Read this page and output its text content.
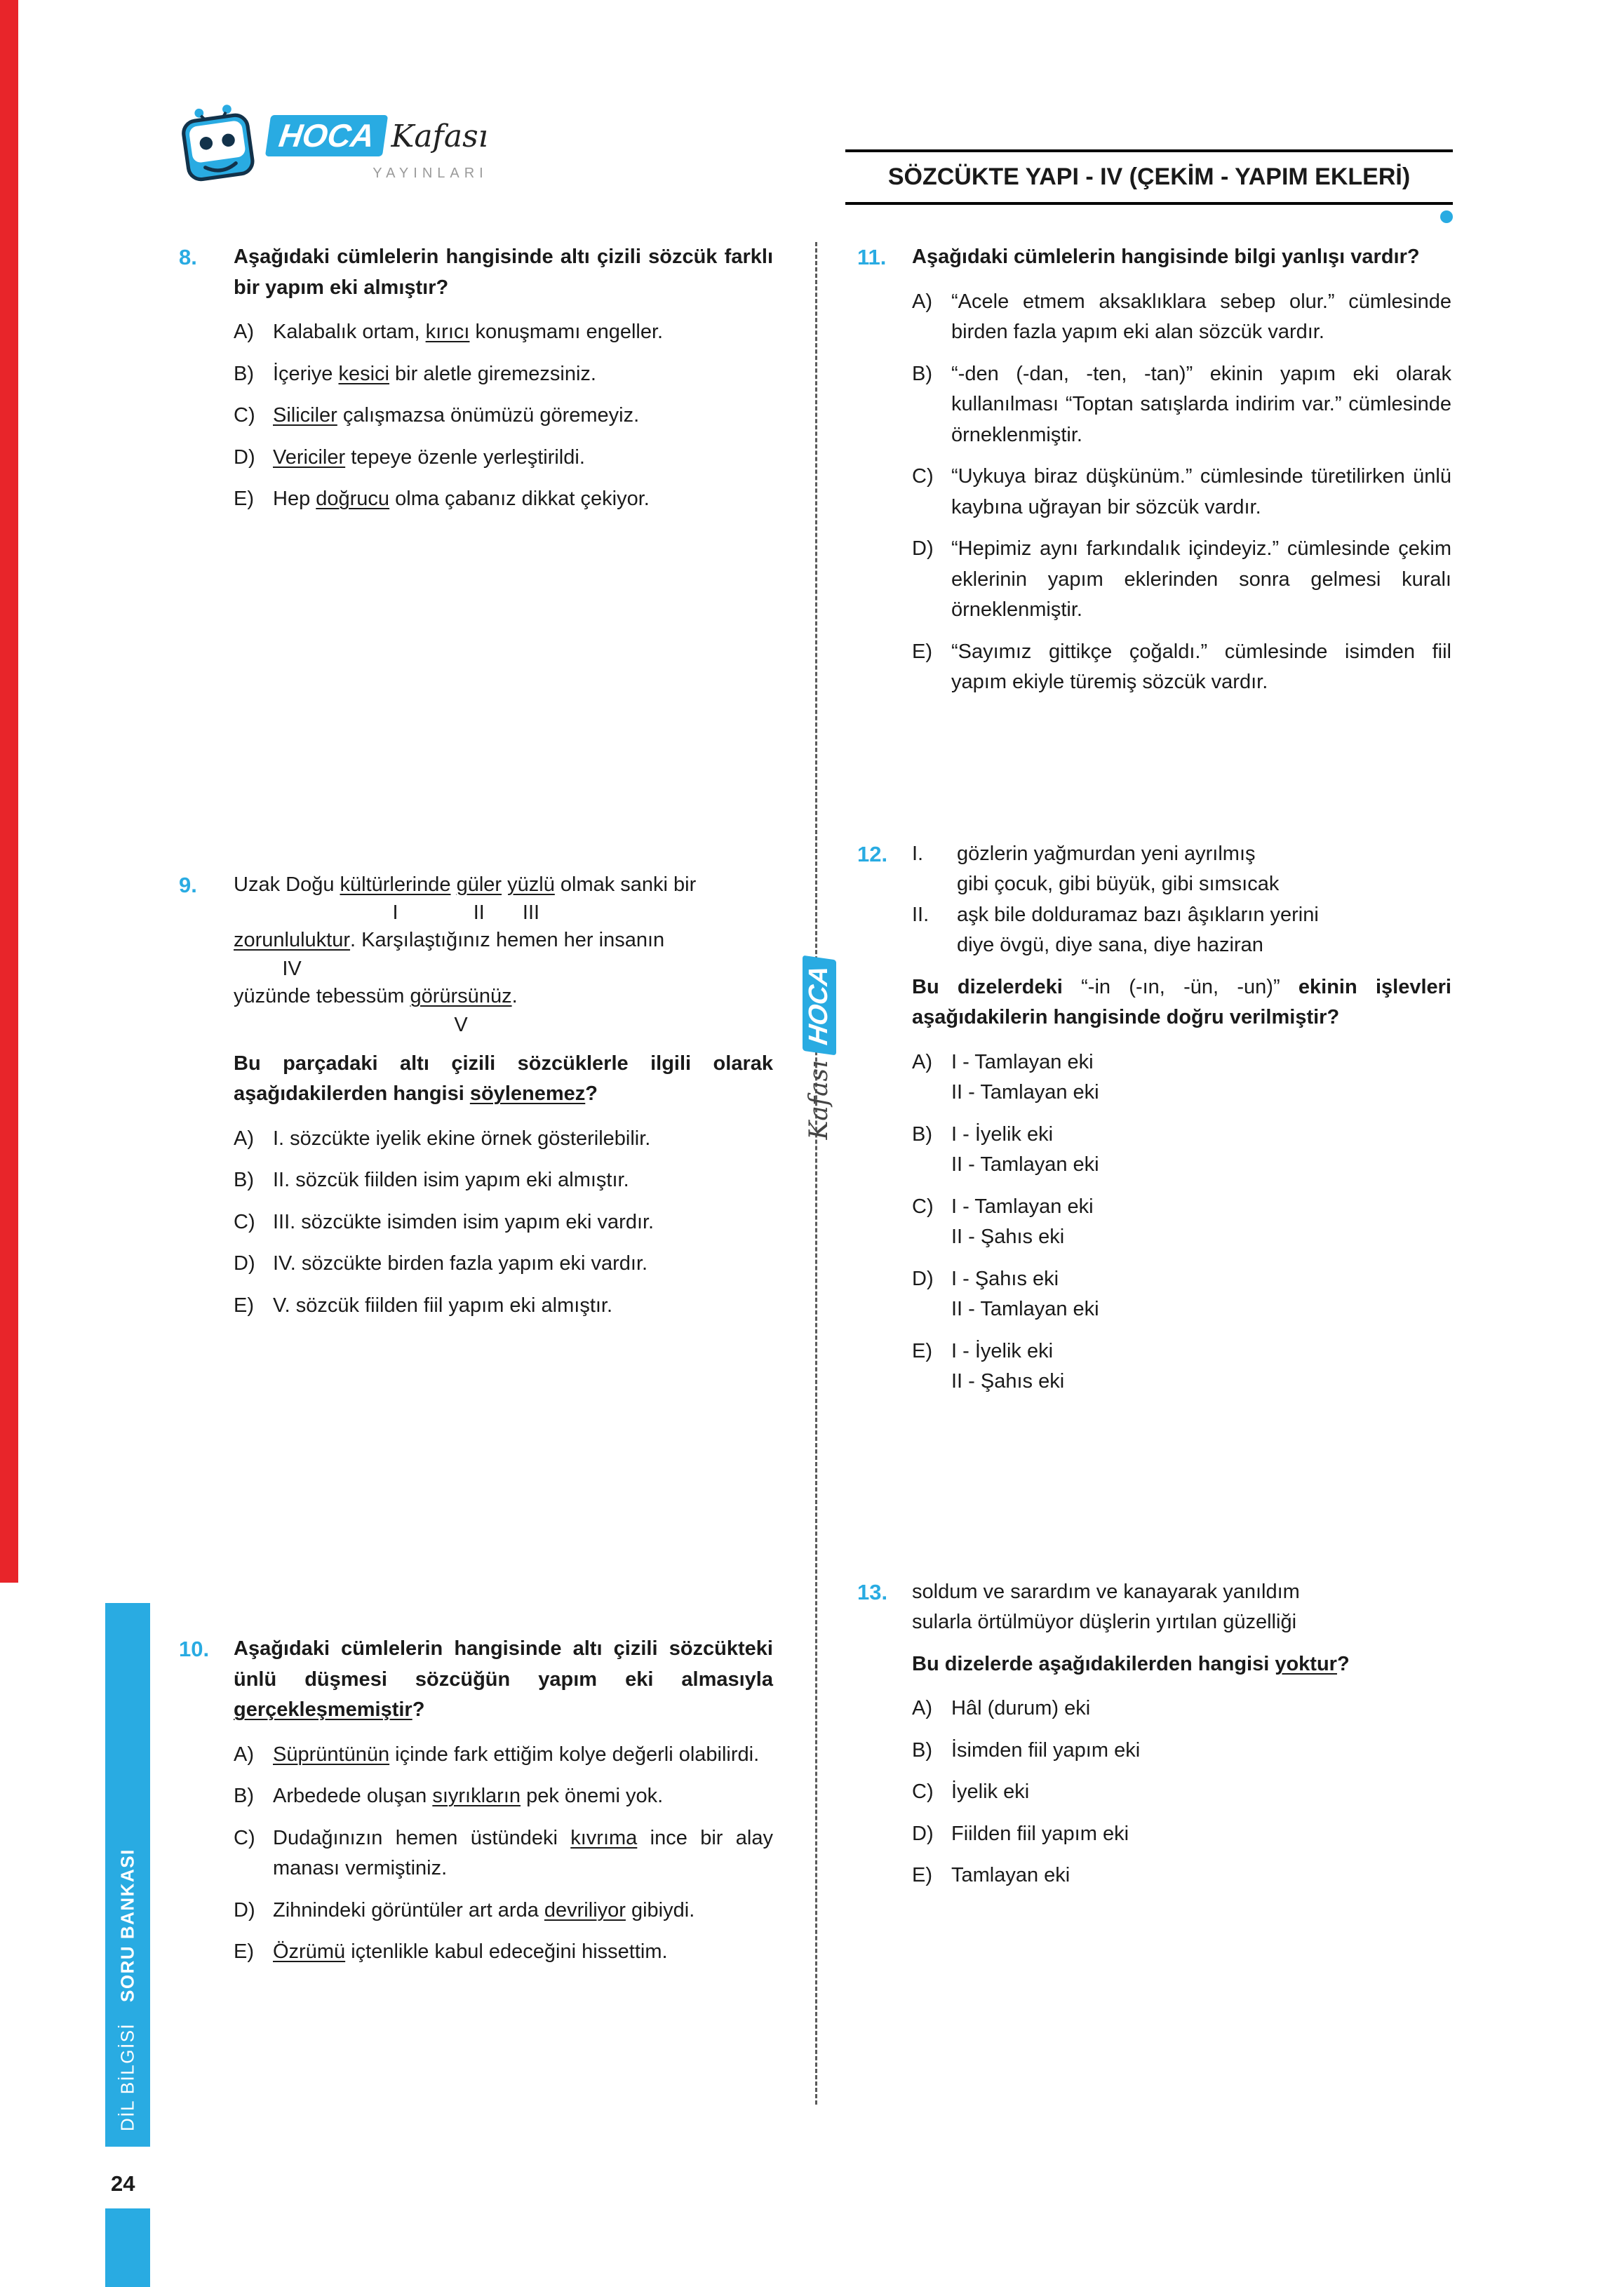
DİL BİLGİSİ
SORU BANKASI
24
HOCA Kafası
YAYINLARI	SÖZCÜKTE YAPI - IV (ÇEKİM - YAPIM EKLERİ)
Kafası
HOCA
8.	Aşağıdaki cümlelerin hangisinde altı çizili sözcük farklı bir yapım eki almıştır?
A) Kalabalık ortam, kırıcı konuşmamı engeller.
B) İçeriye kesici bir aletle giremezsiniz.
C) Siliciler çalışmazsa önümüzü göremeyiz.
D) Vericiler tepeye özenle yerleştirildi.
E) Hep doğrucu olma çabanız dikkat çekiyor.
9.	Uzak Doğu kültürlerinde
I

güler
II

yüzlü
III
olmak sanki bir
zorunluluktur
IV
. Karşılaştığınız hemen her insanın
yüzünde tebessüm görürsünüz
V
.
Bu parçadaki altı çizili sözcüklerle ilgili olarak aşağıdakilerden hangisi söylenemez?
A) I. sözcükte iyelik ekine örnek gösterilebilir.
B) II. sözcük fiilden isim yapım eki almıştır.
C) III. sözcükte isimden isim yapım eki vardır.
D) IV. sözcükte birden fazla yapım eki vardır.
E) V. sözcük fiilden fiil yapım eki almıştır.
10.	Aşağıdaki cümlelerin hangisinde altı çizili sözcükteki ünlü düşmesi sözcüğün yapım eki almasıyla gerçekleşmemiştir?
A) Süprüntünün içinde fark ettiğim kolye değerli olabilirdi.
B) Arbedede oluşan sıyrıkların pek önemi yok.
C) Dudağınızın hemen üstündeki kıvrıma ince bir alay manası vermiştiniz.
D) Zihnindeki görüntüler art arda devriliyor gibiydi.
E) Özrümü içtenlikle kabul edeceğini hissettim.
11.	Aşağıdaki cümlelerin hangisinde bilgi yanlışı vardır?
A) “Acele etmem aksaklıklara sebep olur.” cümlesinde birden fazla yapım eki alan sözcük vardır.
B) “-den (-dan, -ten, -tan)” ekinin yapım eki olarak kullanılması “Toptan satışlarda indirim var.” cümlesinde örneklenmiştir.
C) “Uykuya biraz düşkünüm.” cümlesinde türetilirken ünlü kaybına uğrayan bir sözcük vardır.
D) “Hepimiz aynı farkındalık içindeyiz.” cümlesinde çekim eklerinin yapım eklerinden sonra gelmesi kuralı örneklenmiştir.
E) “Sayımız gittikçe çoğaldı.” cümlesinde isimden fiil yapım ekiyle türemiş sözcük vardır.
12.	I.	gözlerin yağmurdan yeni ayrılmış
gibi çocuk, gibi büyük, gibi sımsıcak
II.	aşk bile dolduramaz bazı âşıkların yerini
diye övgü, diye sana, diye haziran
Bu dizelerdeki “-in (-ın, -ün, -un)” ekinin işlevleri aşağıdakilerin hangisinde doğru verilmiştir?
A) I - Tamlayan eki
II - Tamlayan eki
B) I - İyelik eki
II - Tamlayan eki
C) I - Tamlayan eki
II - Şahıs eki
D) I - Şahıs eki
II - Tamlayan eki
E) I - İyelik eki
II - Şahıs eki
13.	soldum ve sarardım ve kanayarak yanıldım
sularla örtülmüyor düşlerin yırtılan güzelliği
Bu dizelerde aşağıdakilerden hangisi yoktur?
A) Hâl (durum) eki
B) İsimden fiil yapım eki
C) İyelik eki
D) Fiilden fiil yapım eki
E) Tamlayan eki
